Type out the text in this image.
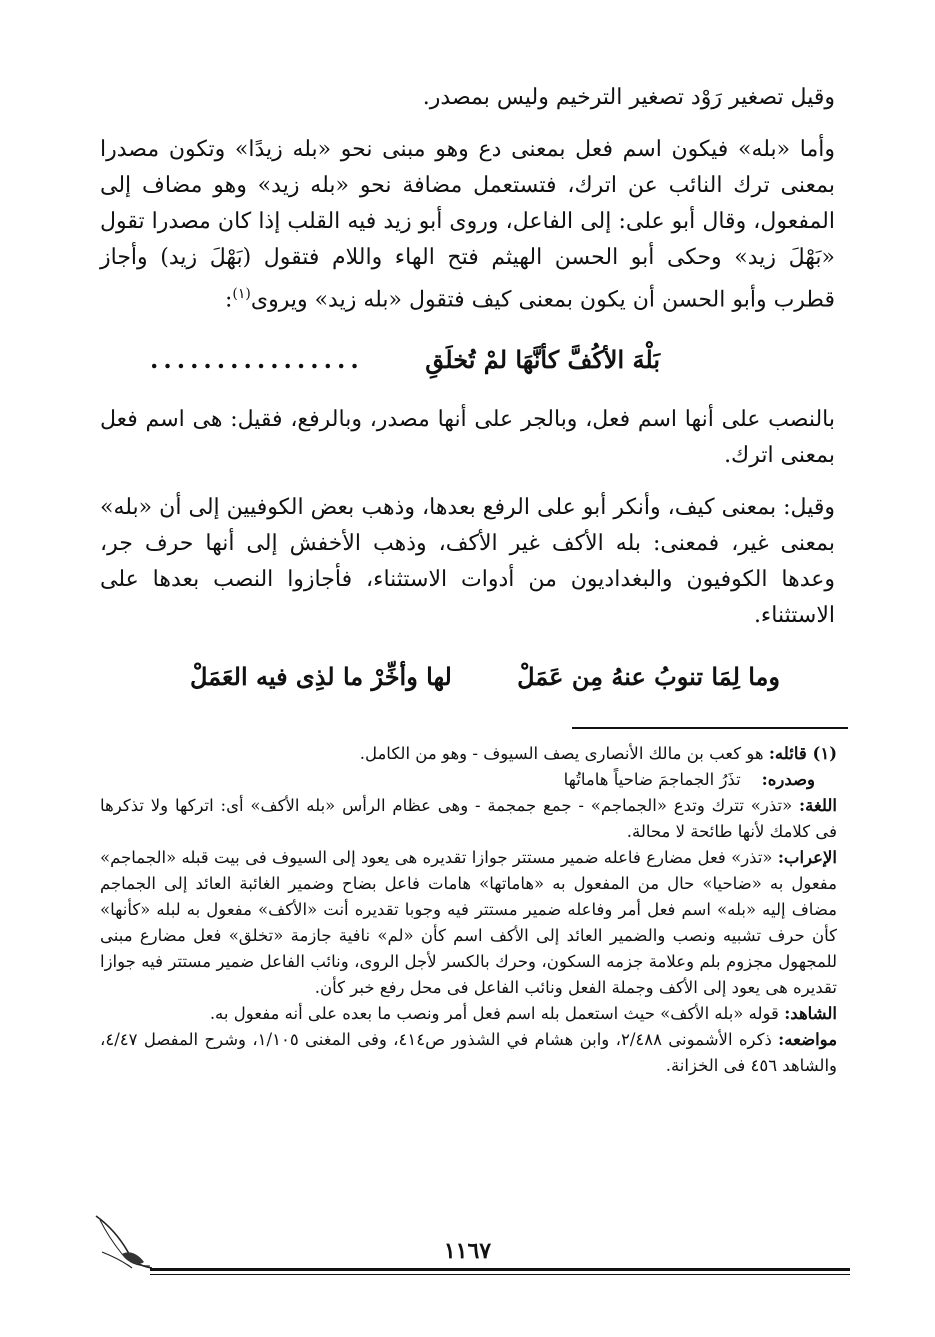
وقيل تصغير رَوْد تصغير الترخيم وليس بمصدر.

وأما «بله» فيكون اسم فعل بمعنى دع وهو مبنى نحو «بله زيدًا» وتكون مصدرا بمعنى ترك النائب عن اترك، فتستعمل مضافة نحو «بله زيد» وهو مضاف إلى المفعول، وقال أبو على: إلى الفاعل، وروى أبو زيد فيه القلب إذا كان مصدرا تقول «بَهْلَ زيد» وحكى أبو الحسن الهيثم فتح الهاء واللام فتقول (بَهْلَ زيد) وأجاز قطرب وأبو الحسن أن يكون بمعنى كيف فتقول «بله زيد» ويروى$^{(١)}$:

بَلْهَ الأكُفَّ كأنَّهَا لمْ تُخلَقِ
................

بالنصب على أنها اسم فعل، وبالجر على أنها مصدر، وبالرفع، فقيل: هى اسم فعل بمعنى اترك.

وقيل: بمعنى كيف، وأنكر أبو على الرفع بعدها، وذهب بعض الكوفيين إلى أن «بله» بمعنى غير، فمعنى: بله الأكف غير الأكف، وذهب الأخفش إلى أنها حرف جر، وعدها الكوفيون والبغداديون من أدوات الاستثناء، فأجازوا النصب بعدها على الاستثناء.

وما لِمَا تنوبُ عنهُ مِن عَمَلْ
لها وأخِّرْ ما لذِى فيه العَمَلْ

(١) قائله: هو كعب بن مالك الأنصارى يصف السيوف - وهو من الكامل.

وصدره:    تذَرُ الجماجمَ ضاحياً هاماتُها

اللغة: «تذر» تترك وتدع «الجماجم» - جمع جمجمة - وهى عظام الرأس «بله الأكف» أى: اتركها ولا تذكرها فى كلامك لأنها طائحة لا محالة.

الإعراب: «تذر» فعل مضارع فاعله ضمير مستتر جوازا تقديره هى يعود إلى السيوف فى بيت قبله «الجماجم» مفعول به «ضاحيا» حال من المفعول به «هاماتها» هامات فاعل بضاح وضمير الغائبة العائد إلى الجماجم مضاف إليه «بله» اسم فعل أمر وفاعله ضمير مستتر فيه وجوبا تقديره أنت «الأكف» مفعول به لبله «كأنها» كأن حرف تشبيه ونصب والضمير العائد إلى الأكف اسم كأن «لم» نافية جازمة «تخلق» فعل مضارع مبنى للمجهول مجزوم بلم وعلامة جزمه السكون، وحرك بالكسر لأجل الروى، ونائب الفاعل ضمير مستتر فيه جوازا تقديره هى يعود إلى الأكف وجملة الفعل ونائب الفاعل فى محل رفع خبر كأن.

الشاهد: قوله «بله الأكف» حيث استعمل بله اسم فعل أمر ونصب ما بعده على أنه مفعول به.

مواضعه: ذكره الأشمونى ٢/٤٨٨، وابن هشام في الشذور ص٤١٤، وفى المغنى ١/١٠٥، وشرح المفصل ٤/٤٧، والشاهد ٤٥٦ فى الخزانة.

١١٦٧
